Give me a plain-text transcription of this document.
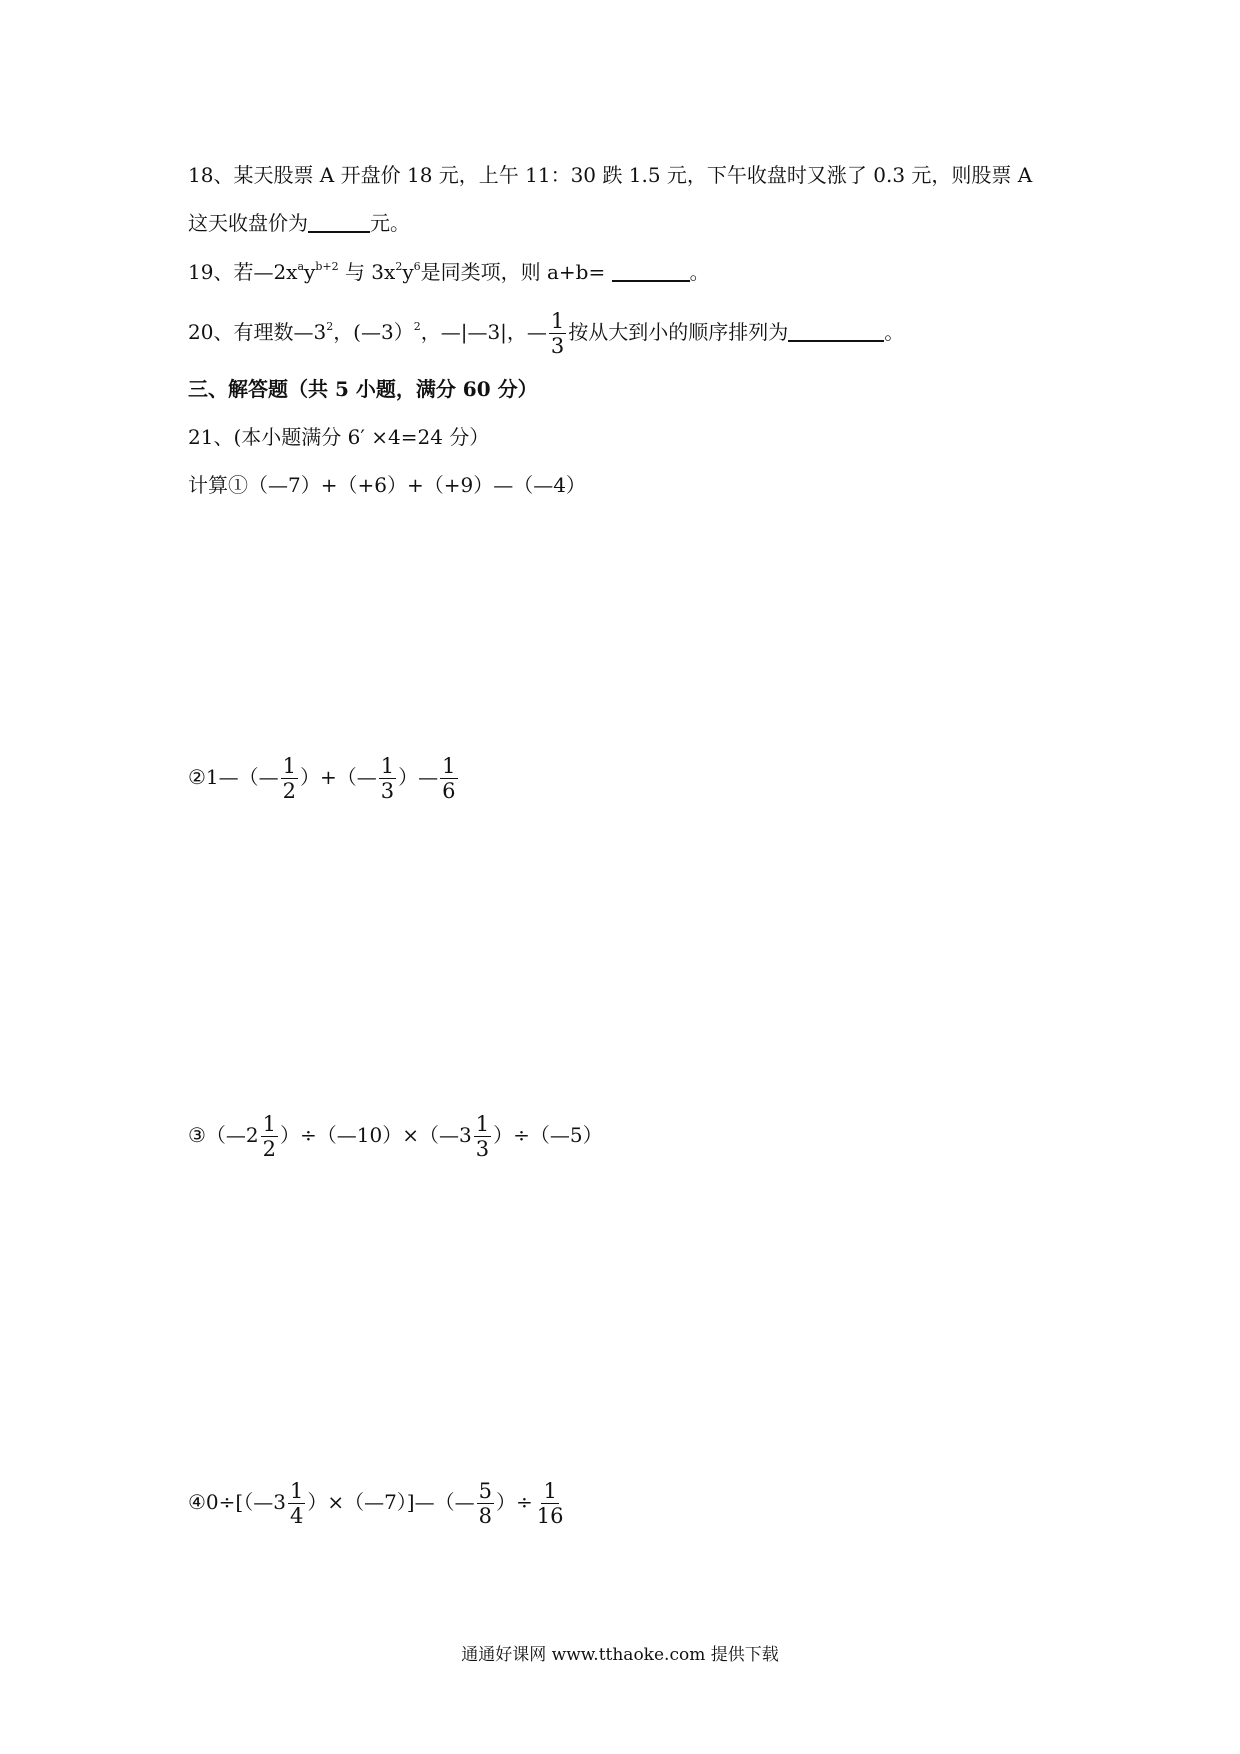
18、某天股票 A 开盘价 18 元，上午 11：30 跌 1.5 元，下午收盘时又涨了 0.3 元，则股票 A
这天收盘价为	元。
19、若$—2x^ay^{b+2}$ 与 $3x^2y^6$是同类项，则 a+b=	。
20、有理数$—3^2$，(—3）$^2$，—|—3|，— $\frac{1}{3}$ 按从大到小的顺序排列为	。
三、解答题（共 5 小题，满分 60 分）
21、(本小题满分 6′ ×4=24 分）
计算①（—7）+（+6）+（+9）—（—4）
②1—（— $\frac{1}{2}$ ）+（— $\frac{1}{3}$ ）— $\frac{1}{6}$
③（—2 $\frac{1}{2}$ ）÷（—10）×（—3 $\frac{1}{3}$ ）÷（—5）
④0÷[（—3 $\frac{1}{4}$ ）×（—7）]—（— $\frac{5}{8}$ ）÷ $\frac{1}{16}$
通通好课网 www.tthaoke.com 提供下载
